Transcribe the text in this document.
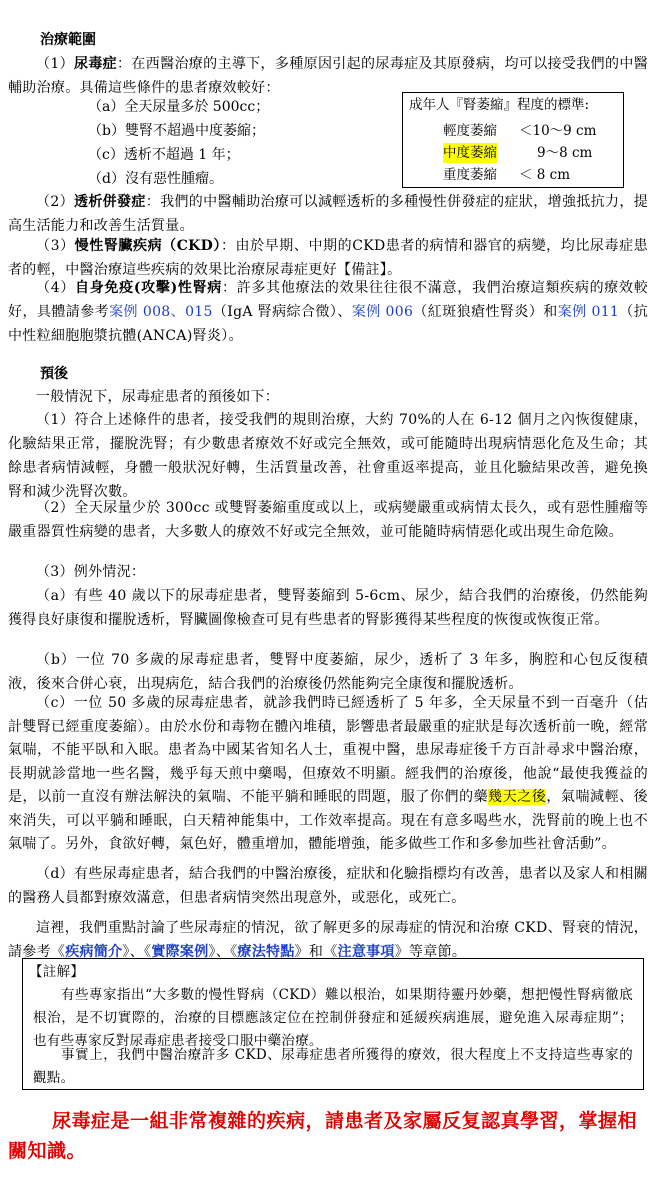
治療範圍

（1）尿毒症：在西醫治療的主導下，多種原因引起的尿毒症及其原發病，均可以接受我們的中醫輔助治療。具備這些條件的患者療效較好：

（a）全天尿量多於 500cc；
（b）雙腎不超過中度萎縮；
（c）透析不超過 1 年；
（d）沒有惡性腫瘤。
成年人『腎萎縮』程度的標準:
輕度萎縮 ＜10～9 cm
中度萎縮	9～8 cm
重度萎縮 ＜ 8 cm

（2）透析併發症：我們的中醫輔助治療可以減輕透析的多種慢性併發症的症狀，增強抵抗力，提高生活能力和改善生活質量。

（3）慢性腎臟疾病（CKD）：由於早期、中期的CKD患者的病情和器官的病變，均比尿毒症患者的輕，中醫治療這些疾病的效果比治療尿毒症更好【備註】。

（4）自身免疫(攻擊)性腎病：許多其他療法的效果往往很不滿意，我們治療這類疾病的療效較好，具體請參考案例 008、015（IgA 腎病綜合徵）、案例 006（紅斑狼瘡性腎炎）和案例 011（抗中性粒細胞胞漿抗體(ANCA)腎炎）。

預後

一般情況下，尿毒症患者的預後如下：

（1）符合上述條件的患者，接受我們的規則治療，大約 70%的人在 6-12 個月之內恢復健康，化驗結果正常，擺脫洗腎；有少數患者療效不好或完全無效，或可能隨時出現病情惡化危及生命；其餘患者病情減輕，身體一般狀況好轉，生活質量改善，社會重返率提高，並且化驗結果改善，避免換腎和減少洗腎次數。

（2）全天尿量少於 300cc 或雙腎萎縮重度或以上，或病變嚴重或病情太長久，或有惡性腫瘤等嚴重器質性病變的患者，大多數人的療效不好或完全無效，並可能隨時病情惡化或出現生命危險。

（3）例外情況：

（a）有些 40 歲以下的尿毒症患者，雙腎萎縮到 5-6cm、尿少，結合我們的治療後，仍然能夠獲得良好康復和擺脫透析，腎臟圖像檢查可見有些患者的腎影獲得某些程度的恢復或恢復正常。

（b）一位 70 多歲的尿毒症患者，雙腎中度萎縮，尿少，透析了 3 年多，胸腔和心包反復積液，後來合併心衰，出現病危，結合我們的治療後仍然能夠完全康復和擺脫透析。

（c）一位 50 多歲的尿毒症患者，就診我們時已經透析了 5 年多，全天尿量不到一百毫升（估計雙腎已經重度萎縮）。由於水份和毒物在體內堆積，影響患者最嚴重的症狀是每次透析前一晚，經常氣喘，不能平臥和入眠。患者為中國某省知名人士，重視中醫，患尿毒症後千方百計尋求中醫治療，長期就診當地一些名醫，幾乎每天煎中藥喝，但療效不明顯。經我們的治療後，他說“最使我獲益的是，以前一直沒有辦法解決的氣喘、不能平躺和睡眠的問題，服了你們的藥幾天之後，氣喘減輕、後來消失，可以平躺和睡眠，白天精神能集中，工作效率提高。現在有意多喝些水，洗腎前的晚上也不氣喘了。另外，食欲好轉，氣色好，體重增加，體能增強，能多做些工作和多參加些社會活動”。

（d）有些尿毒症患者，結合我們的中醫治療後，症狀和化驗指標均有改善，患者以及家人和相關的醫務人員都對療效滿意，但患者病情突然出現意外，或惡化，或死亡。

這裡，我們重點討論了些尿毒症的情況，欲了解更多的尿毒症的情況和治療 CKD、腎衰的情況，請參考《疾病簡介》、《實際案例》、《療法特點》和《注意事項》等章節。

【註解】

有些專家指出“大多數的慢性腎病（CKD）難以根治，如果期待靈丹妙藥，想把慢性腎病徹底根治，是不切實際的，治療的目標應該定位在控制併發症和延緩疾病進展，避免進入尿毒症期”；也有些專家反對尿毒症患者接受口服中藥治療。

事實上，我們中醫治療許多 CKD、尿毒症患者所獲得的療效，很大程度上不支持這些專家的觀點。

尿毒症是一組非常複雜的疾病，請患者及家屬反复認真學習，掌握相關知識。
